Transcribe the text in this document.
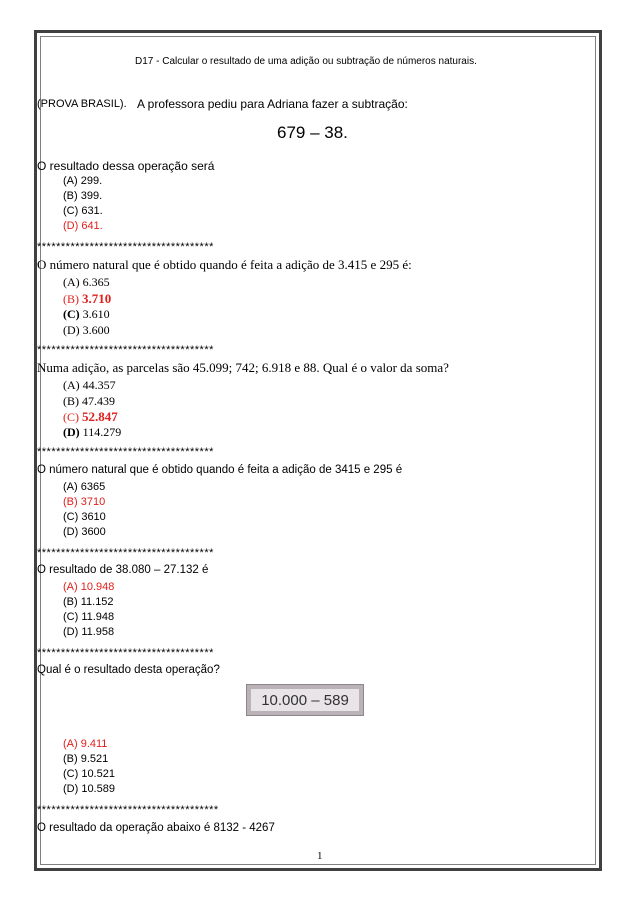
D17 - Calcular o resultado de uma adição ou subtração de números naturais.
(PROVA BRASIL). A professora pediu para Adriana fazer a subtração:
679 – 38.
O resultado dessa operação será
(A) 299.
(B) 399.
(C) 631.
(D) 641.
*************************************
O número natural que é obtido quando é feita a adição de 3.415 e 295 é:
(A) 6.365
(B) 3.710
(C) 3.610
(D) 3.600
*************************************
Numa adição, as parcelas são 45.099; 742; 6.918 e 88. Qual é o valor da soma?
(A) 44.357
(B) 47.439
(C) 52.847
(D) 114.279
*************************************
O número natural que é obtido quando é feita a adição de 3415 e 295 é
(A) 6365
(B) 3710
(C) 3610
(D) 3600
*************************************
O resultado de 38.080 – 27.132 é
(A) 10.948
(B) 11.152
(C) 11.948
(D) 11.958
*************************************
Qual é o resultado desta operação?
10.000 – 589
(A) 9.411
(B) 9.521
(C) 10.521
(D) 10.589
**************************************
O resultado da operação abaixo é 8132 - 4267
1
